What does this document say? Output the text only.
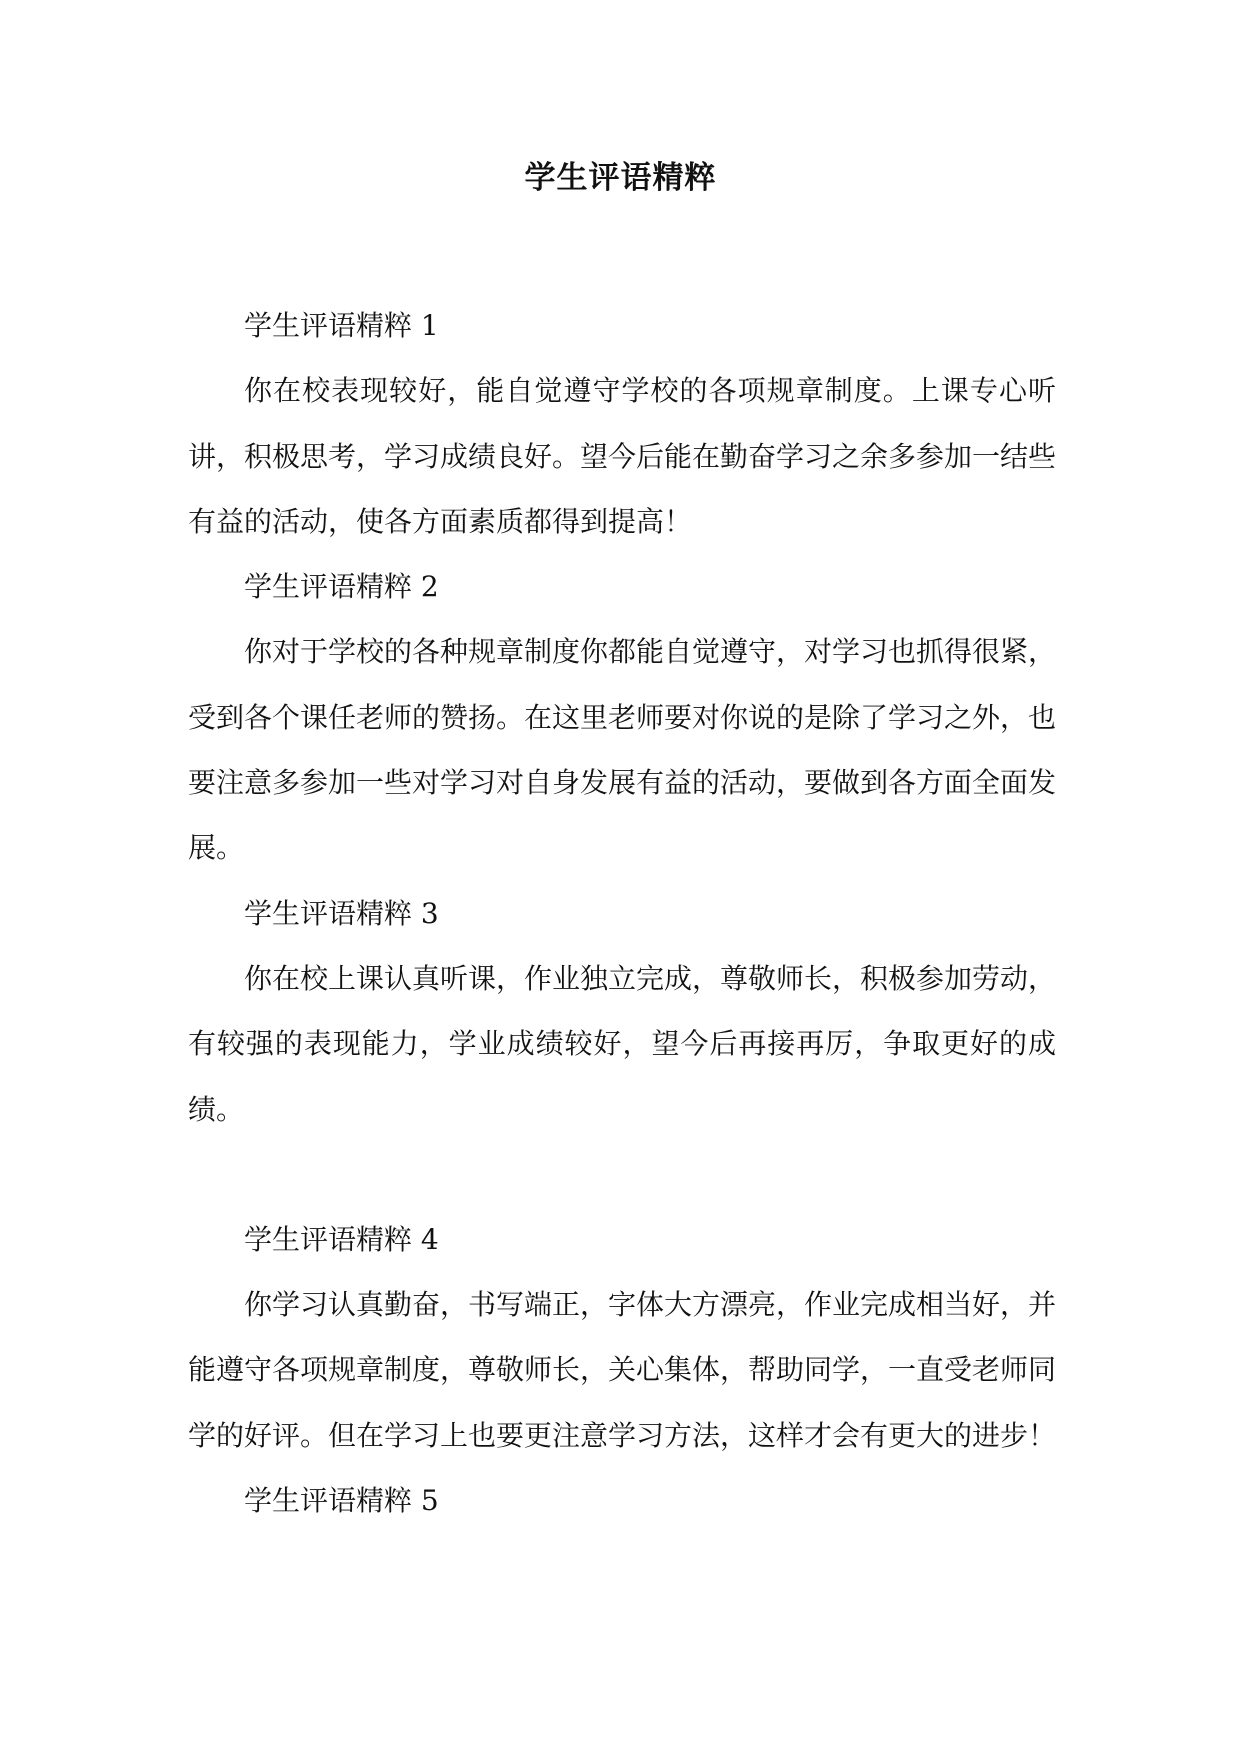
学生评语精粹

学生评语精粹 1

你在校表现较好，能自觉遵守学校的各项规章制度。上课专心听讲，积极思考，学习成绩良好。望今后能在勤奋学习之余多参加一结些有益的活动，使各方面素质都得到提高！

学生评语精粹 2

你对于学校的各种规章制度你都能自觉遵守，对学习也抓得很紧，受到各个课任老师的赞扬。在这里老师要对你说的是除了学习之外，也要注意多参加一些对学习对自身发展有益的活动，要做到各方面全面发展。

学生评语精粹 3

你在校上课认真听课，作业独立完成，尊敬师长，积极参加劳动，有较强的表现能力，学业成绩较好，望今后再接再厉，争取更好的成绩。

学生评语精粹 4

你学习认真勤奋，书写端正，字体大方漂亮，作业完成相当好，并能遵守各项规章制度，尊敬师长，关心集体，帮助同学，一直受老师同学的好评。但在学习上也要更注意学习方法，这样才会有更大的进步！

学生评语精粹 5
